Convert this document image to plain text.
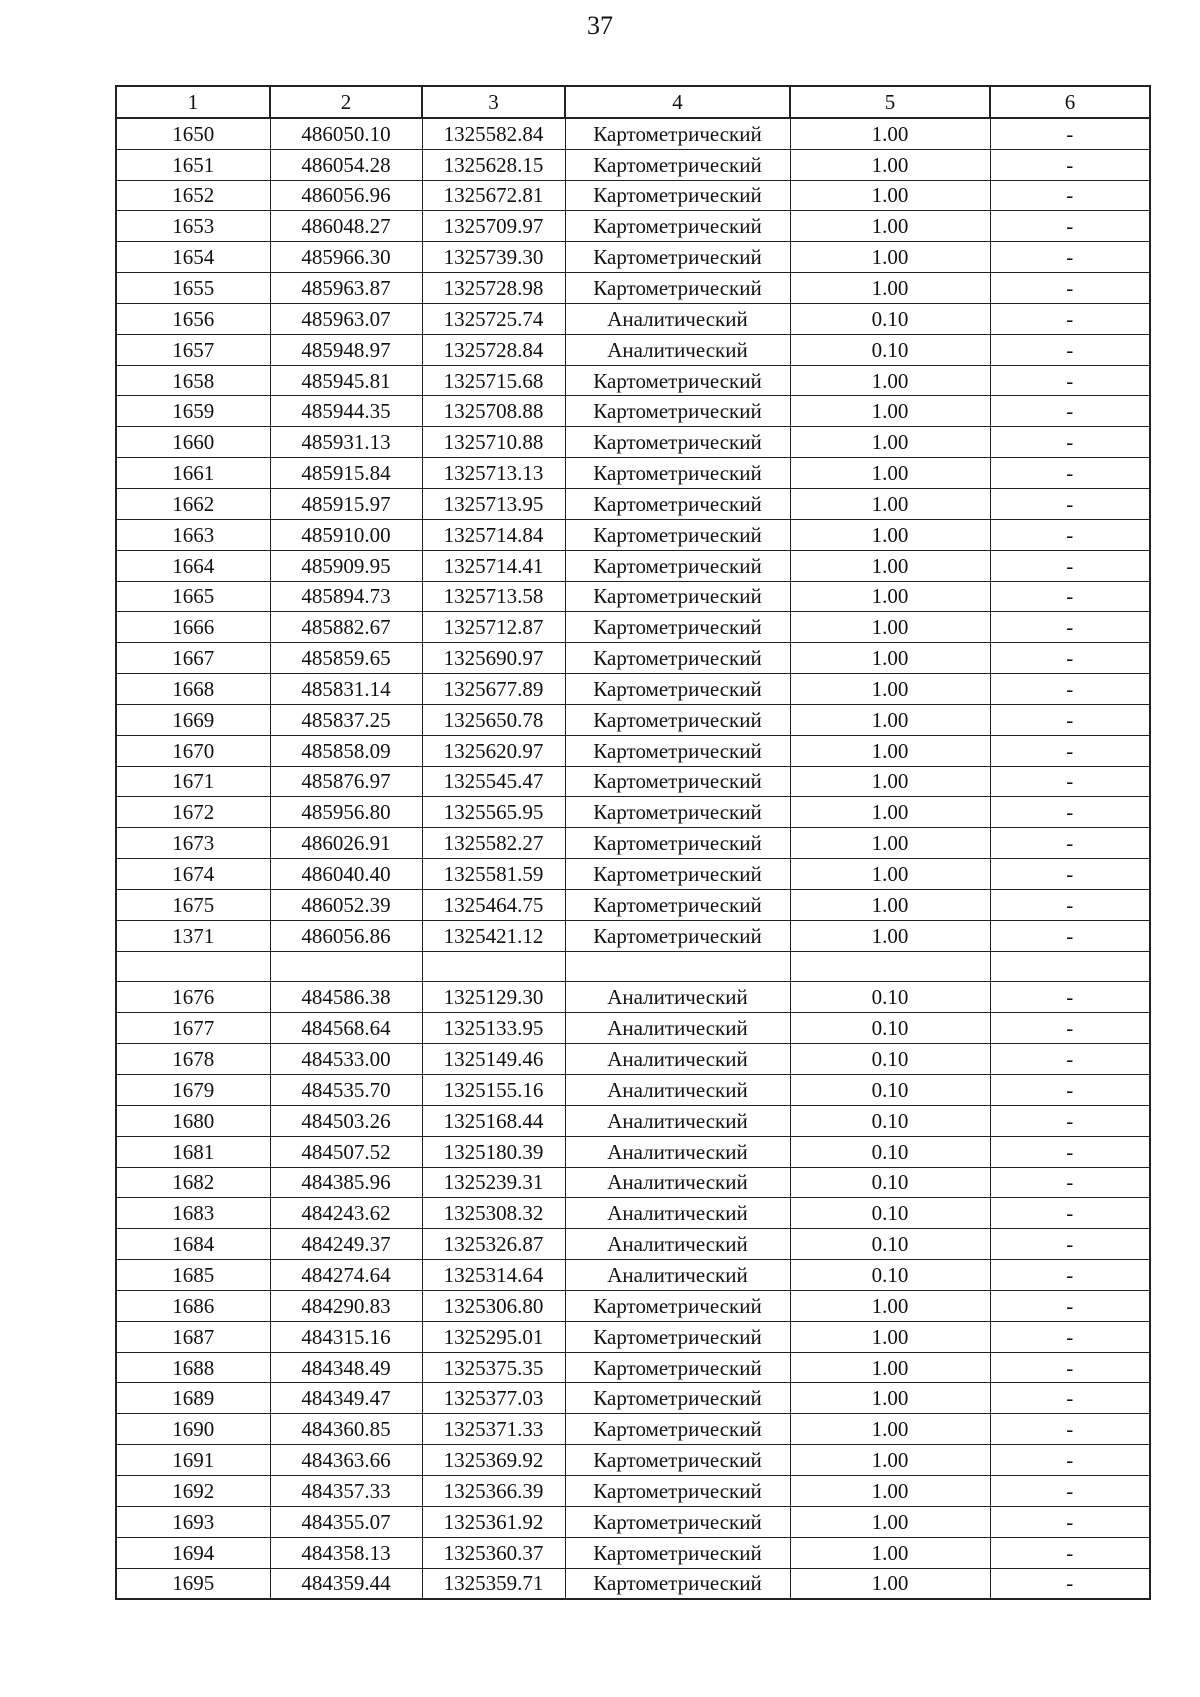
37
1	2	3	4	5	6
1650	486050.10	1325582.84	Картометрический	1.00	-
1651	486054.28	1325628.15	Картометрический	1.00	-
1652	486056.96	1325672.81	Картометрический	1.00	-
1653	486048.27	1325709.97	Картометрический	1.00	-
1654	485966.30	1325739.30	Картометрический	1.00	-
1655	485963.87	1325728.98	Картометрический	1.00	-
1656	485963.07	1325725.74	Аналитический	0.10	-
1657	485948.97	1325728.84	Аналитический	0.10	-
1658	485945.81	1325715.68	Картометрический	1.00	-
1659	485944.35	1325708.88	Картометрический	1.00	-
1660	485931.13	1325710.88	Картометрический	1.00	-
1661	485915.84	1325713.13	Картометрический	1.00	-
1662	485915.97	1325713.95	Картометрический	1.00	-
1663	485910.00	1325714.84	Картометрический	1.00	-
1664	485909.95	1325714.41	Картометрический	1.00	-
1665	485894.73	1325713.58	Картометрический	1.00	-
1666	485882.67	1325712.87	Картометрический	1.00	-
1667	485859.65	1325690.97	Картометрический	1.00	-
1668	485831.14	1325677.89	Картометрический	1.00	-
1669	485837.25	1325650.78	Картометрический	1.00	-
1670	485858.09	1325620.97	Картометрический	1.00	-
1671	485876.97	1325545.47	Картометрический	1.00	-
1672	485956.80	1325565.95	Картометрический	1.00	-
1673	486026.91	1325582.27	Картометрический	1.00	-
1674	486040.40	1325581.59	Картометрический	1.00	-
1675	486052.39	1325464.75	Картометрический	1.00	-
1371	486056.86	1325421.12	Картометрический	1.00	-

1676	484586.38	1325129.30	Аналитический	0.10	-
1677	484568.64	1325133.95	Аналитический	0.10	-
1678	484533.00	1325149.46	Аналитический	0.10	-
1679	484535.70	1325155.16	Аналитический	0.10	-
1680	484503.26	1325168.44	Аналитический	0.10	-
1681	484507.52	1325180.39	Аналитический	0.10	-
1682	484385.96	1325239.31	Аналитический	0.10	-
1683	484243.62	1325308.32	Аналитический	0.10	-
1684	484249.37	1325326.87	Аналитический	0.10	-
1685	484274.64	1325314.64	Аналитический	0.10	-
1686	484290.83	1325306.80	Картометрический	1.00	-
1687	484315.16	1325295.01	Картометрический	1.00	-
1688	484348.49	1325375.35	Картометрический	1.00	-
1689	484349.47	1325377.03	Картометрический	1.00	-
1690	484360.85	1325371.33	Картометрический	1.00	-
1691	484363.66	1325369.92	Картометрический	1.00	-
1692	484357.33	1325366.39	Картометрический	1.00	-
1693	484355.07	1325361.92	Картометрический	1.00	-
1694	484358.13	1325360.37	Картометрический	1.00	-
1695	484359.44	1325359.71	Картометрический	1.00	-
